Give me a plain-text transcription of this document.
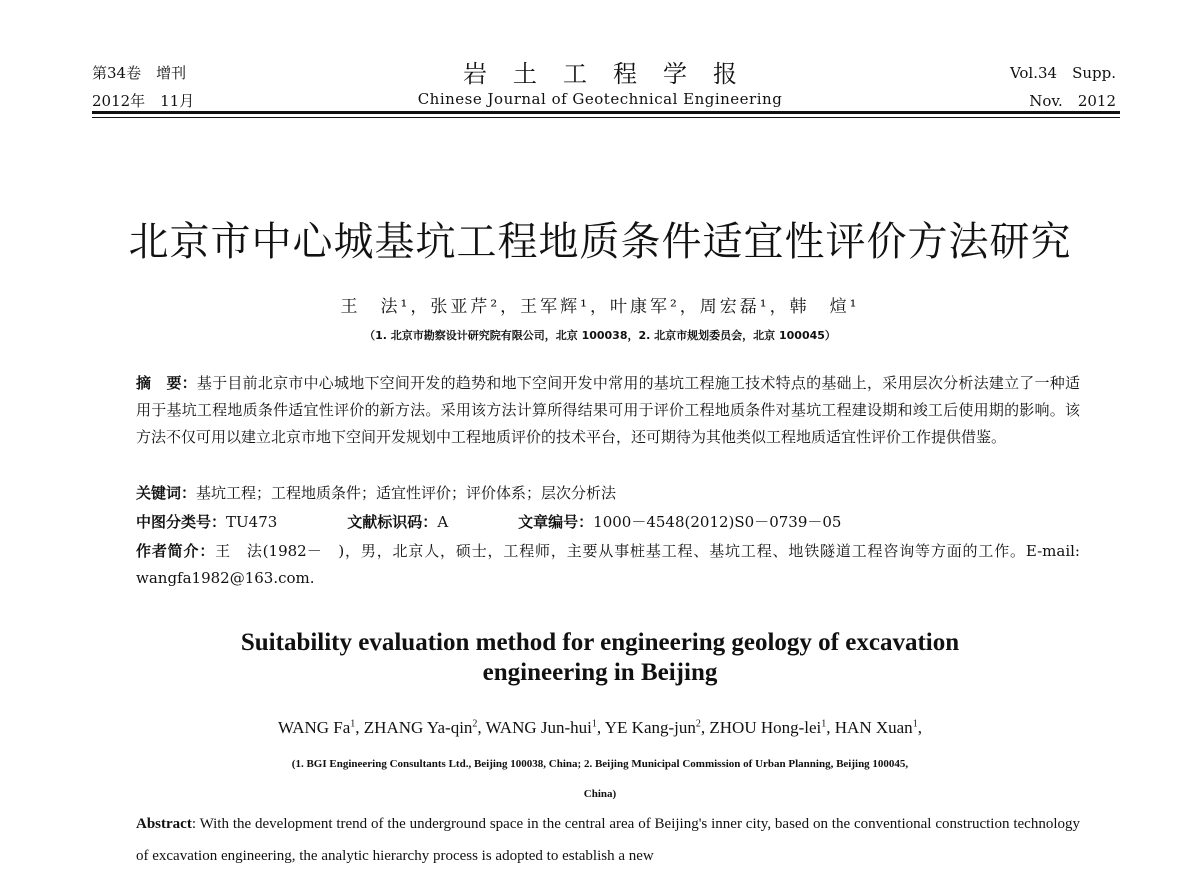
第34卷　增刊
2012年　11月
岩土工程学报
Chinese Journal of Geotechnical Engineering
Vol.34　Supp.
Nov.　2012
北京市中心城基坑工程地质条件适宜性评价方法研究
王　法¹，张亚芹²，王军辉¹，叶康军²，周宏磊¹，韩　煊¹
（1. 北京市勘察设计研究院有限公司，北京 100038，2. 北京市规划委员会，北京 100045）
摘　要：基于目前北京市中心城地下空间开发的趋势和地下空间开发中常用的基坑工程施工技术特点的基础上，采用层次分析法建立了一种适用于基坑工程地质条件适宜性评价的新方法。采用该方法计算所得结果可用于评价工程地质条件对基坑工程建设期和竣工后使用期的影响。该方法不仅可用以建立北京市地下空间开发规划中工程地质评价的技术平台，还可期待为其他类似工程地质适宜性评价工作提供借鉴。
关键词：基坑工程；工程地质条件；适宜性评价；评价体系；层次分析法
中图分类号：TU473	文献标识码：A	文章编号：1000－4548(2012)S0－0739－05
作者简介：王　法(1982－　)，男，北京人，硕士，工程师，主要从事桩基工程、基坑工程、地铁隧道工程咨询等方面的工作。E-mail: wangfa1982@163.com.
Suitability evaluation method for engineering geology of excavation
engineering in Beijing
WANG Fa$^1$, ZHANG Ya-qin$^2$, WANG Jun-hui$^1$, YE Kang-jun$^2$, ZHOU Hong-lei$^1$, HAN Xuan$^1$,
(1. BGI Engineering Consultants Ltd., Beijing 100038, China; 2. Beijing Municipal Commission of Urban Planning, Beijing 100045,
China)
Abstract: With the development trend of the underground space in the central area of Beijing's inner city, based on the conventional construction technology of excavation engineering, the analytic hierarchy process is adopted to establish a new
